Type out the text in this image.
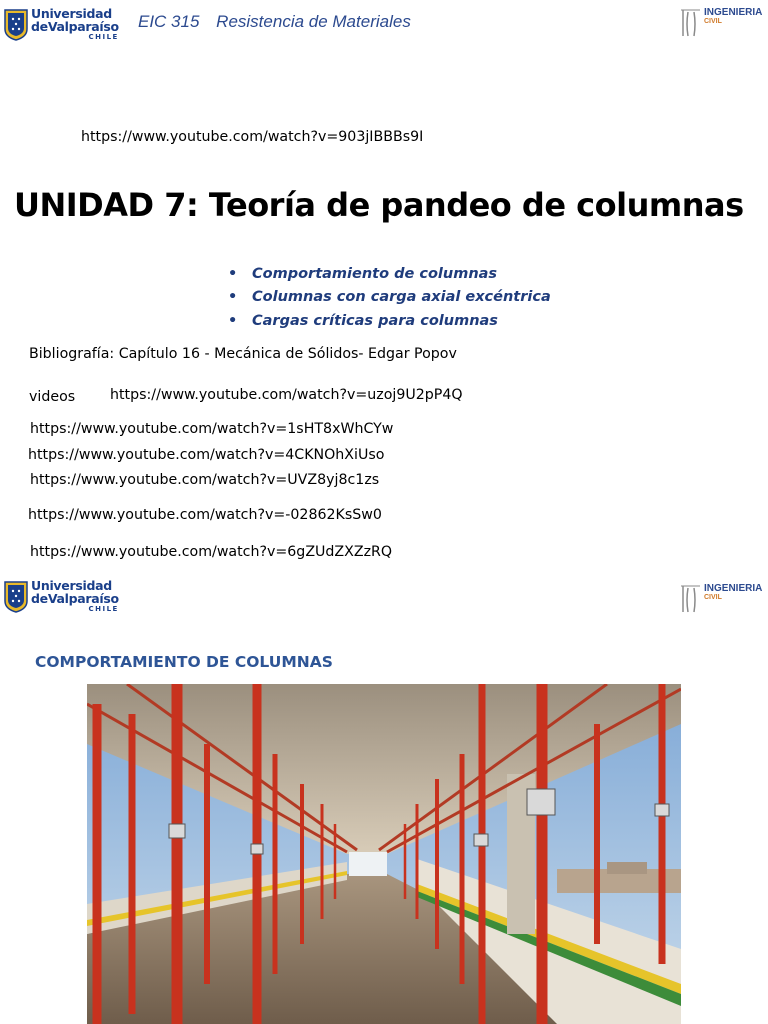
Universidad
deValparaíso
CHILE
EIC 315 Resistencia de Materiales	INGENIERIA
CIVIL
https://www.youtube.com/watch?v=903jIBBBs9I
UNIDAD 7: Teoría de pandeo de columnas
•	Comportamiento de columnas
•	Columnas con carga axial excéntrica
•	Cargas críticas para columnas
Bibliografía: Capítulo 16 - Mecánica de Sólidos- Edgar Popov
videos https://www.youtube.com/watch?v=uzoj9U2pP4Q
https://www.youtube.com/watch?v=1sHT8xWhCYw
https://www.youtube.com/watch?v=4CKNOhXiUso
https://www.youtube.com/watch?v=UVZ8yj8c1zs
https://www.youtube.com/watch?v=-02862KsSw0
https://www.youtube.com/watch?v=6gZUdZXZzRQ
Universidad
deValparaíso
CHILE
INGENIERIA
CIVIL
COMPORTAMIENTO DE COLUMNAS
